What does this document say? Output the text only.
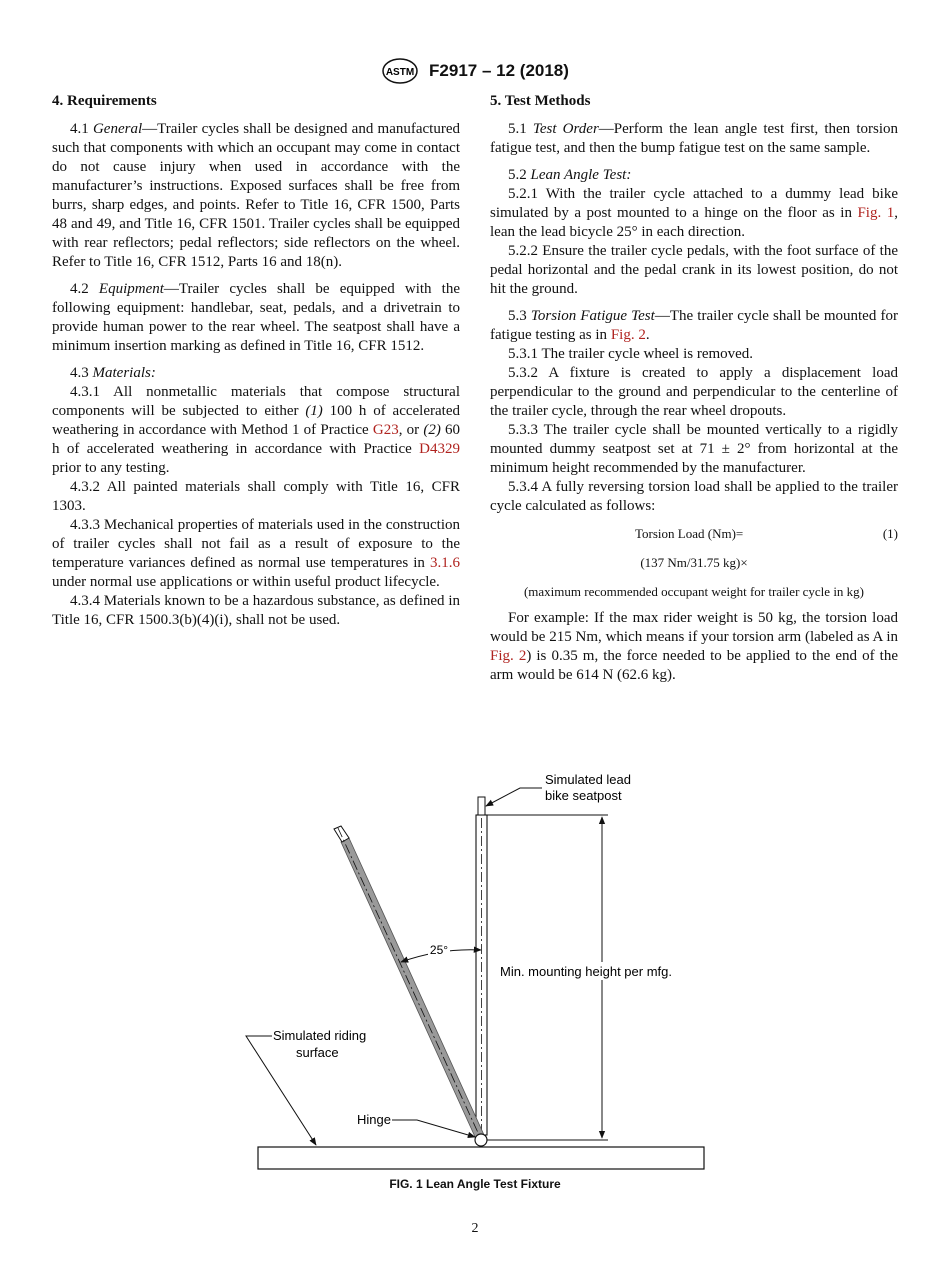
ASTM F2917 – 12 (2018)
4. Requirements

4.1 General—Trailer cycles shall be designed and manufactured such that components with which an occupant may come in contact do not cause injury when used in accordance with the manufacturer’s instructions. Exposed surfaces shall be free from burrs, sharp edges, and points. Refer to Title 16, CFR 1500, Parts 48 and 49, and Title 16, CFR 1501. Trailer cycles shall be equipped with rear reflectors; pedal reflectors; side reflectors on the wheel. Refer to Title 16, CFR 1512, Parts 16 and 18(n).

4.2 Equipment—Trailer cycles shall be equipped with the following equipment: handlebar, seat, pedals, and a drivetrain to provide human power to the rear wheel. The seatpost shall have a minimum insertion marking as defined in Title 16, CFR 1512.

4.3 Materials:

4.3.1 All nonmetallic materials that compose structural components will be subjected to either (1) 100 h of accelerated weathering in accordance with Method 1 of Practice G23, or (2) 60 h of accelerated weathering in accordance with Practice D4329 prior to any testing.

4.3.2 All painted materials shall comply with Title 16, CFR 1303.

4.3.3 Mechanical properties of materials used in the construction of trailer cycles shall not fail as a result of exposure to the temperature variances defined as normal use temperatures in 3.1.6 under normal use applications or within useful product lifecycle.

4.3.4 Materials known to be a hazardous substance, as defined in Title 16, CFR 1500.3(b)(4)(i), shall not be used.

5. Test Methods

5.1 Test Order—Perform the lean angle test first, then torsion fatigue test, and then the bump fatigue test on the same sample.

5.2 Lean Angle Test:

5.2.1 With the trailer cycle attached to a dummy lead bike simulated by a post mounted to a hinge on the floor as in Fig. 1, lean the lead bicycle 25° in each direction.

5.2.2 Ensure the trailer cycle pedals, with the foot surface of the pedal horizontal and the pedal crank in its lowest position, do not hit the ground.

5.3 Torsion Fatigue Test—The trailer cycle shall be mounted for fatigue testing as in Fig. 2.

5.3.1 The trailer cycle wheel is removed.

5.3.2 A fixture is created to apply a displacement load perpendicular to the ground and perpendicular to the centerline of the trailer cycle, through the rear wheel dropouts.

5.3.3 The trailer cycle shall be mounted vertically to a rigidly mounted dummy seatpost set at 71 ± 2° from horizontal at the minimum height recommended by the manufacturer.

5.3.4 A fully reversing torsion load shall be applied to the trailer cycle calculated as follows:

Torsion Load (Nm)=	(1)
(137 Nm/31.75 kg)×
(maximum recommended occupant weight for trailer cycle in kg)

For example: If the max rider weight is 50 kg, the torsion load would be 215 Nm, which means if your torsion arm (labeled as A in Fig. 2) is 0.35 m, the force needed to be applied to the end of the arm would be 614 N (62.6 kg).

25°
Min. mounting height per mfg.
Simulated lead
bike seatpost
Simulated riding
surface
Hinge
FIG. 1 Lean Angle Test Fixture
2
